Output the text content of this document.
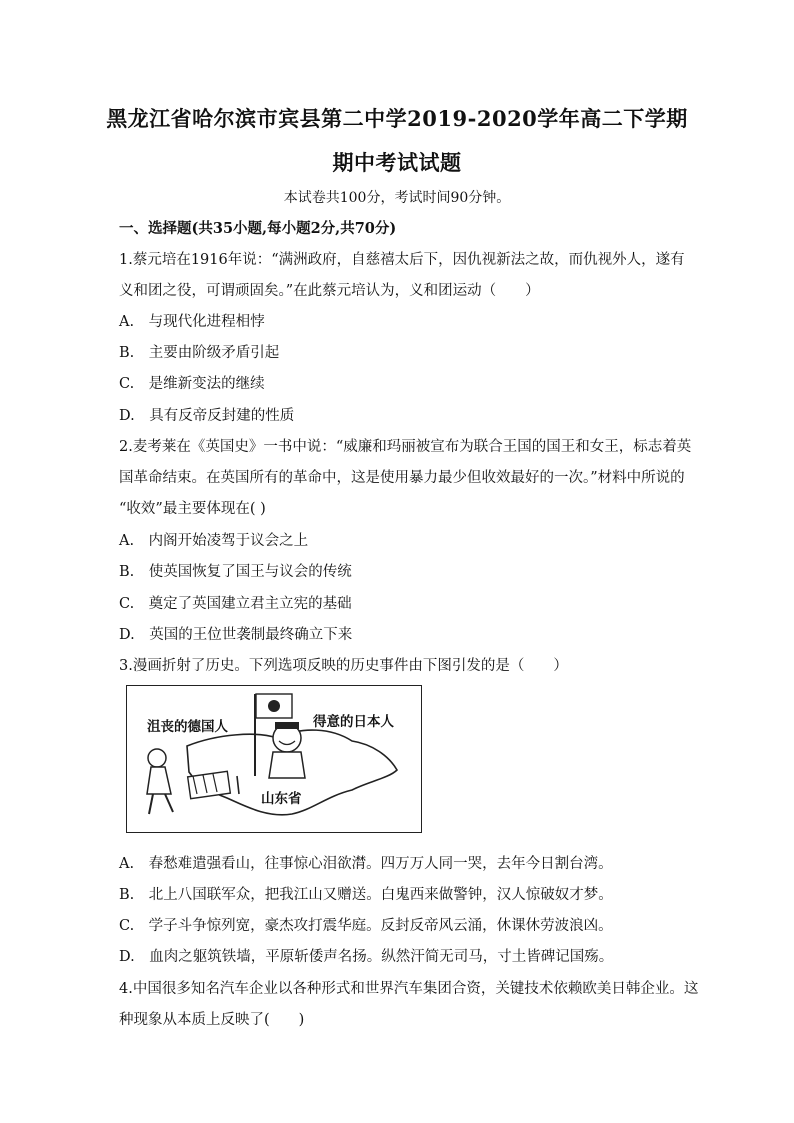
黑龙江省哈尔滨市宾县第二中学2019-2020学年高二下学期
期中考试试题
本试卷共100分，考试时间90分钟。
一、选择题(共35小题,每小题2分,共70分)
1.蔡元培在1916年说：“满洲政府，自慈禧太后下，因仇视新法之故，而仇视外人，遂有
义和团之役，可谓顽固矣。”在此蔡元培认为，义和团运动（　　）
A.　与现代化进程相悖
B.　主要由阶级矛盾引起
C.　是维新变法的继续
D.　具有反帝反封建的性质
2.麦考莱在《英国史》一书中说：“威廉和玛丽被宣布为联合王国的国王和女王，标志着英
国革命结束。在英国所有的革命中，这是使用暴力最少但收效最好的一次。”材料中所说的
“收效”最主要体现在( )
A.　内阁开始凌驾于议会之上
B.　使英国恢复了国王与议会的传统
C.　奠定了英国建立君主立宪的基础
D.　英国的王位世袭制最终确立下来
3.漫画折射了历史。下列选项反映的历史事件由下图引发的是（　　）
沮丧的德国人	得意的日本人
山东省
A.　春愁难遣强看山，往事惊心泪欲潸。四万万人同一哭，去年今日割台湾。
B.　北上八国联军众，把我江山又赠送。白鬼西来做警钟，汉人惊破奴才梦。
C.　学子斗争惊列宽，豪杰攻打震华庭。反封反帝风云涌，休课休劳波浪凶。
D.　血肉之躯筑铁墙，平原斩倭声名扬。纵然汗简无司马，寸土皆碑记国殇。
4.中国很多知名汽车企业以各种形式和世界汽车集团合资，关键技术依赖欧美日韩企业。这
种现象从本质上反映了(　　)
